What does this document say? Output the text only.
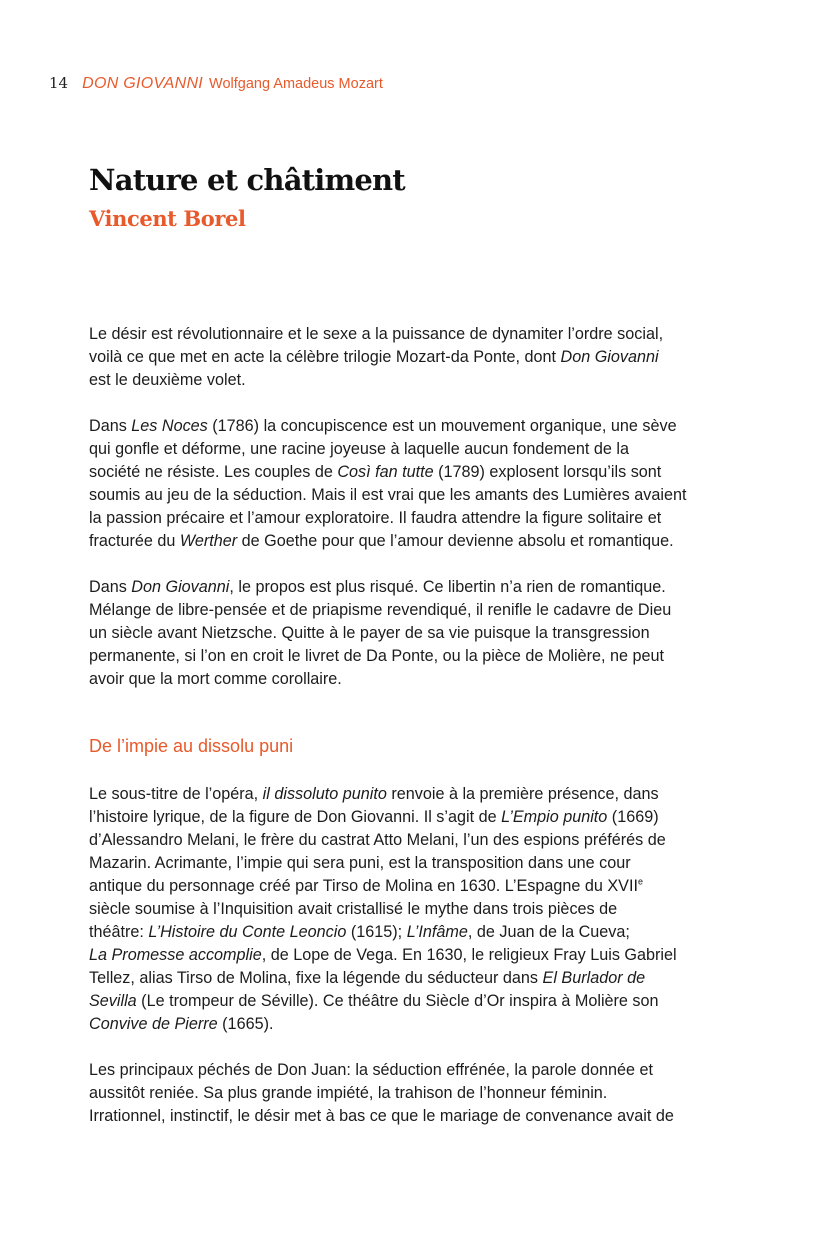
14 DON GIOVANNI Wolfgang Amadeus Mozart
Nature et châtiment
Vincent Borel

Le désir est révolutionnaire et le sexe a la puissance de dynamiter l’ordre social,
voilà ce que met en acte la célèbre trilogie Mozart-da Ponte, dont Don Giovanni
est le deuxième volet.

Dans Les Noces (1786) la concupiscence est un mouvement organique, une sève
qui gonfle et déforme, une racine joyeuse à laquelle aucun fondement de la
société ne résiste. Les couples de Così fan tutte (1789) explosent lorsqu’ils sont
soumis au jeu de la séduction. Mais il est vrai que les amants des Lumières avaient
la passion précaire et l’amour exploratoire. Il faudra attendre la figure solitaire et
fracturée du Werther de Goethe pour que l’amour devienne absolu et romantique.

Dans Don Giovanni, le propos est plus risqué. Ce libertin n’a rien de romantique.
Mélange de libre-pensée et de priapisme revendiqué, il renifle le cadavre de Dieu
un siècle avant Nietzsche. Quitte à le payer de sa vie puisque la transgression
permanente, si l’on en croit le livret de Da Ponte, ou la pièce de Molière, ne peut
avoir que la mort comme corollaire.

De l’impie au dissolu puni

Le sous-titre de l’opéra, il dissoluto punito renvoie à la première présence, dans
l’histoire lyrique, de la figure de Don Giovanni. Il s’agit de L’Empio punito (1669)
d’Alessandro Melani, le frère du castrat Atto Melani, l’un des espions préférés de
Mazarin. Acrimante, l’impie qui sera puni, est la transposition dans une cour
antique du personnage créé par Tirso de Molina en 1630. L’Espagne du XVIIe
siècle soumise à l’Inquisition avait cristallisé le mythe dans trois pièces de
théâtre: L’Histoire du Conte Leoncio (1615); L’Infâme, de Juan de la Cueva;
La Promesse accomplie, de Lope de Vega. En 1630, le religieux Fray Luis Gabriel
Tellez, alias Tirso de Molina, fixe la légende du séducteur dans El Burlador de
Sevilla (Le trompeur de Séville). Ce théâtre du Siècle d’Or inspira à Molière son
Convive de Pierre (1665).

Les principaux péchés de Don Juan: la séduction effrénée, la parole donnée et
aussitôt reniée. Sa plus grande impiété, la trahison de l’honneur féminin.
Irrationnel, instinctif, le désir met à bas ce que le mariage de convenance avait de
